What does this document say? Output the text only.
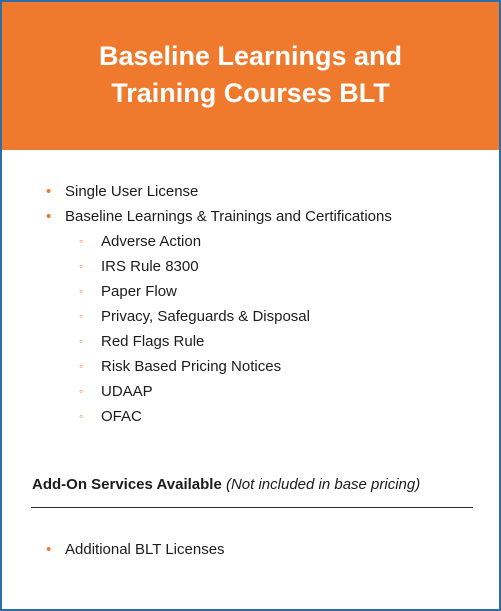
Baseline Learnings and Training Courses BLT
• Single User License
• Baseline Learnings & Trainings and Certifications
◦ Adverse Action
◦ IRS Rule 8300
◦ Paper Flow
◦ Privacy, Safeguards & Disposal
◦ Red Flags Rule
◦ Risk Based Pricing Notices
◦ UDAAP
◦ OFAC
Add-On Services Available (Not included in base pricing)
• Additional BLT Licenses
